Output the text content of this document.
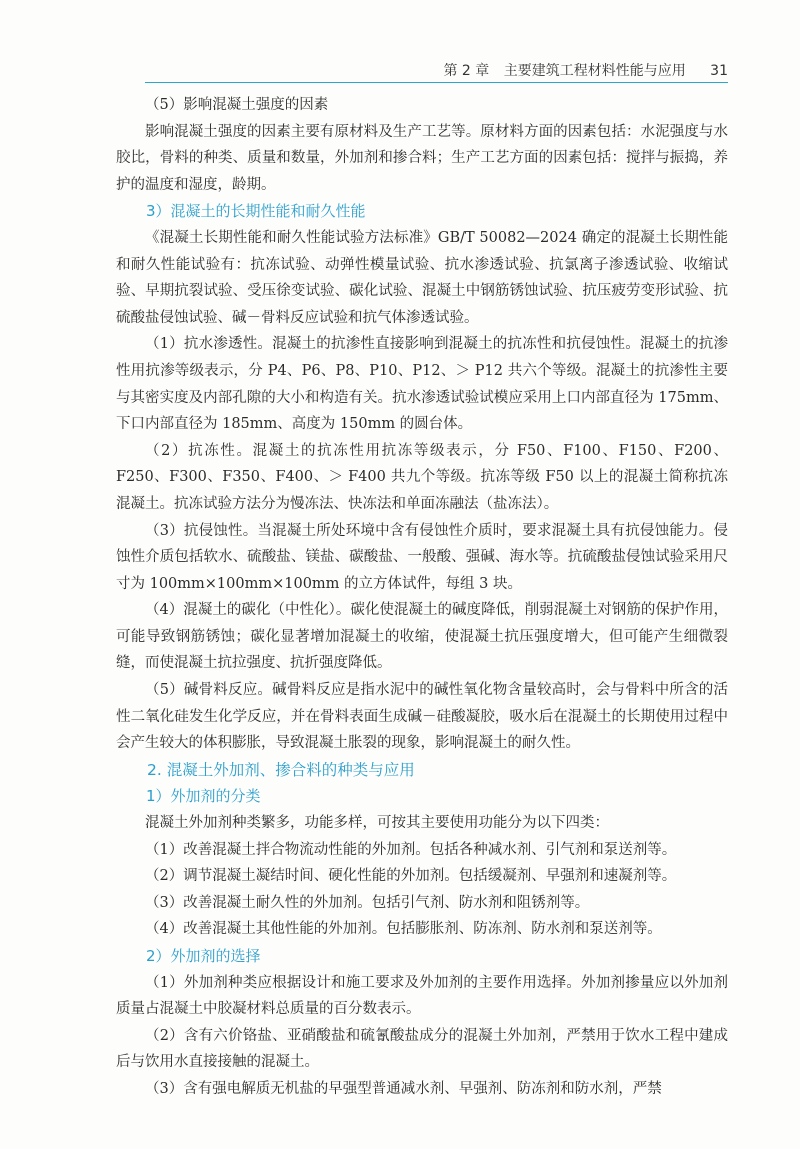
第 2 章 主要建筑工程材料性能与应用 31

（5）影响混凝土强度的因素

影响混凝土强度的因素主要有原材料及生产工艺等。原材料方面的因素包括：水泥强度与水胶比，骨料的种类、质量和数量，外加剂和掺合料；生产工艺方面的因素包括：搅拌与振捣，养护的温度和湿度，龄期。

3）混凝土的长期性能和耐久性能

《混凝土长期性能和耐久性能试验方法标准》GB/T 50082—2024 确定的混凝土长期性能和耐久性能试验有：抗冻试验、动弹性模量试验、抗水渗透试验、抗氯离子渗透试验、收缩试验、早期抗裂试验、受压徐变试验、碳化试验、混凝土中钢筋锈蚀试验、抗压疲劳变形试验、抗硫酸盐侵蚀试验、碱－骨料反应试验和抗气体渗透试验。

（1）抗水渗透性。混凝土的抗渗性直接影响到混凝土的抗冻性和抗侵蚀性。混凝土的抗渗性用抗渗等级表示，分 P4、P6、P8、P10、P12、＞ P12 共六个等级。混凝土的抗渗性主要与其密实度及内部孔隙的大小和构造有关。抗水渗透试验试模应采用上口内部直径为 175mm、下口内部直径为 185mm、高度为 150mm 的圆台体。

（2）抗冻性。混凝土的抗冻性用抗冻等级表示，分 F50、F100、F150、F200、F250、F300、F350、F400、＞ F400 共九个等级。抗冻等级 F50 以上的混凝土简称抗冻混凝土。抗冻试验方法分为慢冻法、快冻法和单面冻融法（盐冻法）。

（3）抗侵蚀性。当混凝土所处环境中含有侵蚀性介质时，要求混凝土具有抗侵蚀能力。侵蚀性介质包括软水、硫酸盐、镁盐、碳酸盐、一般酸、强碱、海水等。抗硫酸盐侵蚀试验采用尺寸为 100mm×100mm×100mm 的立方体试件，每组 3 块。

（4）混凝土的碳化（中性化）。碳化使混凝土的碱度降低，削弱混凝土对钢筋的保护作用，可能导致钢筋锈蚀；碳化显著增加混凝土的收缩，使混凝土抗压强度增大，但可能产生细微裂缝，而使混凝土抗拉强度、抗折强度降低。

（5）碱骨料反应。碱骨料反应是指水泥中的碱性氧化物含量较高时，会与骨料中所含的活性二氧化硅发生化学反应，并在骨料表面生成碱－硅酸凝胶，吸水后在混凝土的长期使用过程中会产生较大的体积膨胀，导致混凝土胀裂的现象，影响混凝土的耐久性。

2. 混凝土外加剂、掺合料的种类与应用

1）外加剂的分类

混凝土外加剂种类繁多，功能多样，可按其主要使用功能分为以下四类：

（1）改善混凝土拌合物流动性能的外加剂。包括各种减水剂、引气剂和泵送剂等。

（2）调节混凝土凝结时间、硬化性能的外加剂。包括缓凝剂、早强剂和速凝剂等。

（3）改善混凝土耐久性的外加剂。包括引气剂、防水剂和阻锈剂等。

（4）改善混凝土其他性能的外加剂。包括膨胀剂、防冻剂、防水剂和泵送剂等。

2）外加剂的选择

（1）外加剂种类应根据设计和施工要求及外加剂的主要作用选择。外加剂掺量应以外加剂质量占混凝土中胶凝材料总质量的百分数表示。

（2）含有六价铬盐、亚硝酸盐和硫氰酸盐成分的混凝土外加剂，严禁用于饮水工程中建成后与饮用水直接接触的混凝土。

（3）含有强电解质无机盐的早强型普通减水剂、早强剂、防冻剂和防水剂，严禁
